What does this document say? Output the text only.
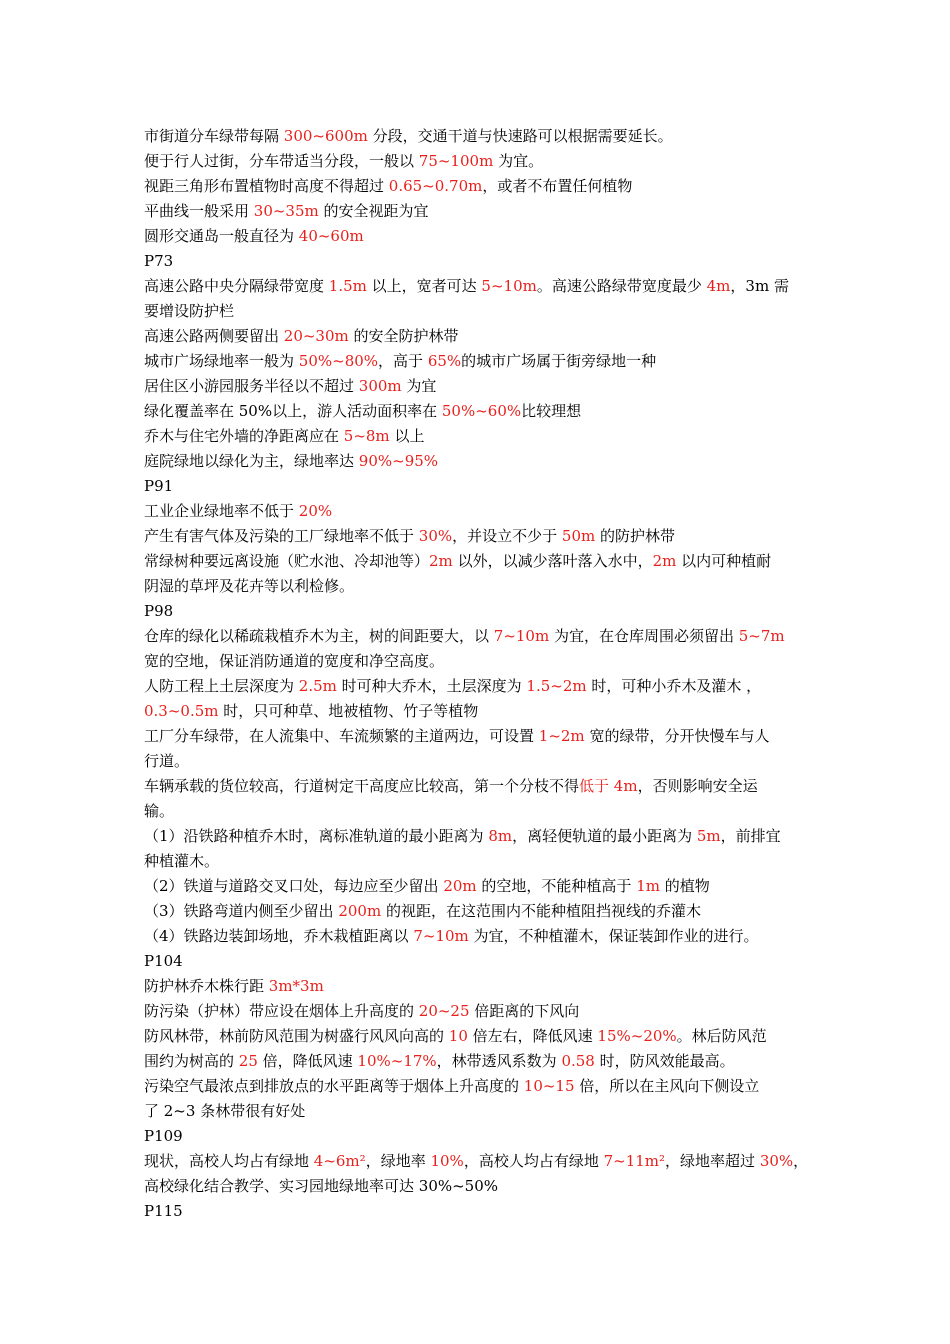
市街道分车绿带每隔 300~600m 分段，交通干道与快速路可以根据需要延长。
便于行人过街，分车带适当分段，一般以 75~100m 为宜。
视距三角形布置植物时高度不得超过 0.65~0.70m，或者不布置任何植物
平曲线一般采用 30~35m 的安全视距为宜
圆形交通岛一般直径为 40~60m
P73
高速公路中央分隔绿带宽度 1.5m 以上，宽者可达 5~10m。高速公路绿带宽度最少 4m，3m 需
要增设防护栏
高速公路两侧要留出 20~30m 的安全防护林带
城市广场绿地率一般为 50%~80%，高于 65%的城市广场属于街旁绿地一种
居住区小游园服务半径以不超过 300m 为宜
绿化覆盖率在 50%以上，游人活动面积率在 50%~60%比较理想
乔木与住宅外墙的净距离应在 5~8m 以上
庭院绿地以绿化为主，绿地率达 90%~95%
P91
工业企业绿地率不低于 20%
产生有害气体及污染的工厂绿地率不低于 30%，并设立不少于 50m 的防护林带
常绿树种要远离设施（贮水池、冷却池等）2m 以外，以减少落叶落入水中，2m 以内可种植耐
阴湿的草坪及花卉等以利检修。
P98
仓库的绿化以稀疏栽植乔木为主，树的间距要大，以 7~10m 为宜，在仓库周围必须留出 5~7m
宽的空地，保证消防通道的宽度和净空高度。
人防工程上土层深度为 2.5m 时可种大乔木，土层深度为 1.5~2m 时，可种小乔木及灌木 ，
0.3~0.5m 时，只可种草、地被植物、竹子等植物
工厂分车绿带，在人流集中、车流频繁的主道两边，可设置 1~2m 宽的绿带，分开快慢车与人
行道。
车辆承载的货位较高，行道树定干高度应比较高，第一个分枝不得低于 4m，否则影响安全运
输。
（1）沿铁路种植乔木时，离标准轨道的最小距离为 8m，离轻便轨道的最小距离为 5m，前排宜
种植灌木。
（2）铁道与道路交叉口处，每边应至少留出 20m 的空地，不能种植高于 1m 的植物
（3）铁路弯道内侧至少留出 200m 的视距，在这范围内不能种植阻挡视线的乔灌木
（4）铁路边装卸场地，乔木栽植距离以 7~10m 为宜，不种植灌木，保证装卸作业的进行。
P104
防护林乔木株行距 3m*3m
防污染（护林）带应设在烟体上升高度的 20~25 倍距离的下风向
防风林带，林前防风范围为树盛行风风向高的 10 倍左右，降低风速 15%~20%。林后防风范
围约为树高的 25 倍，降低风速 10%~17%，林带透风系数为 0.58 时，防风效能最高。
污染空气最浓点到排放点的水平距离等于烟体上升高度的 10~15 倍，所以在主风向下侧设立
了 2~3 条林带很有好处
P109
现状，高校人均占有绿地 4~6m²，绿地率 10%，高校人均占有绿地 7~11m²，绿地率超过 30%，
高校绿化结合教学、实习园地绿地率可达 30%~50%
P115
